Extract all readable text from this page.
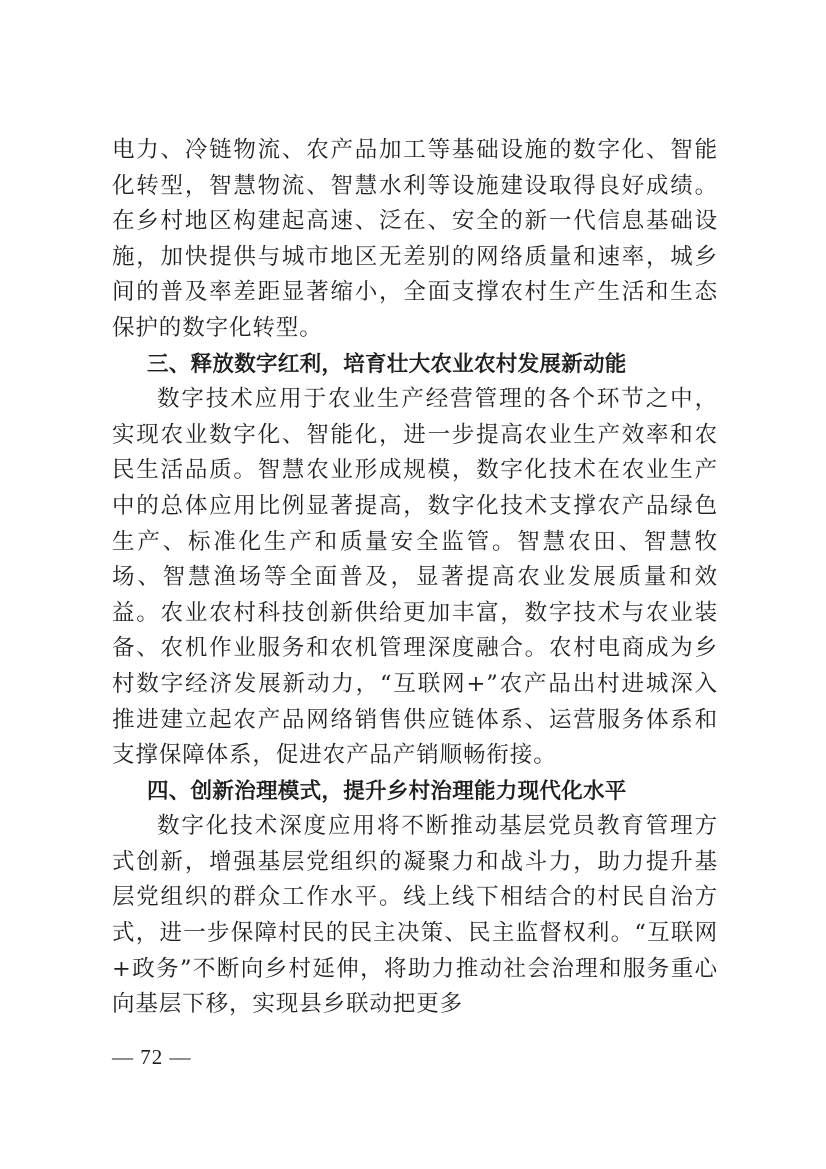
电力、冷链物流、农产品加工等基础设施的数字化、智能化转型，智慧物流、智慧水利等设施建设取得良好成绩。在乡村地区构建起高速、泛在、安全的新一代信息基础设施，加快提供与城市地区无差别的网络质量和速率，城乡间的普及率差距显著缩小，全面支撑农村生产生活和生态保护的数字化转型。

三、释放数字红利，培育壮大农业农村发展新动能

数字技术应用于农业生产经营管理的各个环节之中，实现农业数字化、智能化，进一步提高农业生产效率和农民生活品质。智慧农业形成规模，数字化技术在农业生产中的总体应用比例显著提高，数字化技术支撑农产品绿色生产、标准化生产和质量安全监管。智慧农田、智慧牧场、智慧渔场等全面普及，显著提高农业发展质量和效益。农业农村科技创新供给更加丰富，数字技术与农业装备、农机作业服务和农机管理深度融合。农村电商成为乡村数字经济发展新动力，“互联网+”农产品出村进城深入推进建立起农产品网络销售供应链体系、运营服务体系和支撑保障体系，促进农产品产销顺畅衔接。

四、创新治理模式，提升乡村治理能力现代化水平

数字化技术深度应用将不断推动基层党员教育管理方式创新，增强基层党组织的凝聚力和战斗力，助力提升基层党组织的群众工作水平。线上线下相结合的村民自治方式，进一步保障村民的民主决策、民主监督权利。“互联网+政务”不断向乡村延伸，将助力推动社会治理和服务重心向基层下移，实现县乡联动把更多

— 72 —
